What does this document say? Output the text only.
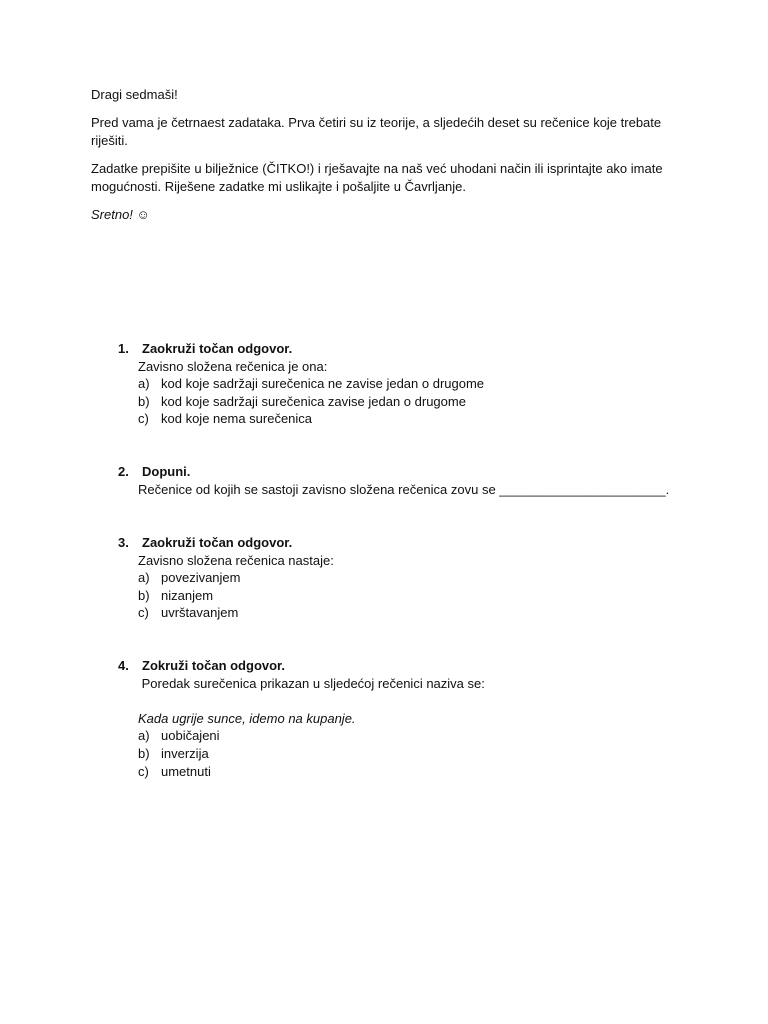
Dragi sedmaši!

Pred vama je četrnaest zadataka. Prva četiri su iz teorije, a sljedećih deset su rečenice koje trebate riješiti.

Zadatke prepišite u bilježnice (ČITKO!) i rješavajte na naš već uhodani način ili isprintajte ako imate mogućnosti. Riješene zadatke mi uslikajte i pošaljite u Čavrljanje.

Sretno! ☺

1.	Zaokruži točan odgovor.
Zavisno složena rečenica je ona:
a) kod koje sadržaji surečenica ne zavise jedan o drugome
b) kod koje sadržaji surečenica zavise jedan o drugome
c) kod koje nema surečenica
2.	Dopuni.
Rečenice od kojih se sastoji zavisno složena rečenica zovu se _______________________.
3.	Zaokruži točan odgovor.
Zavisno složena rečenica nastaje:
a) povezivanjem
b) nizanjem
c) uvrštavanjem
4.	Zokruži točan odgovor.
Poredak surečenica prikazan u sljedećoj rečenici naziva se:
Kada ugrije sunce, idemo na kupanje.
a) uobičajeni
b) inverzija
c) umetnuti
